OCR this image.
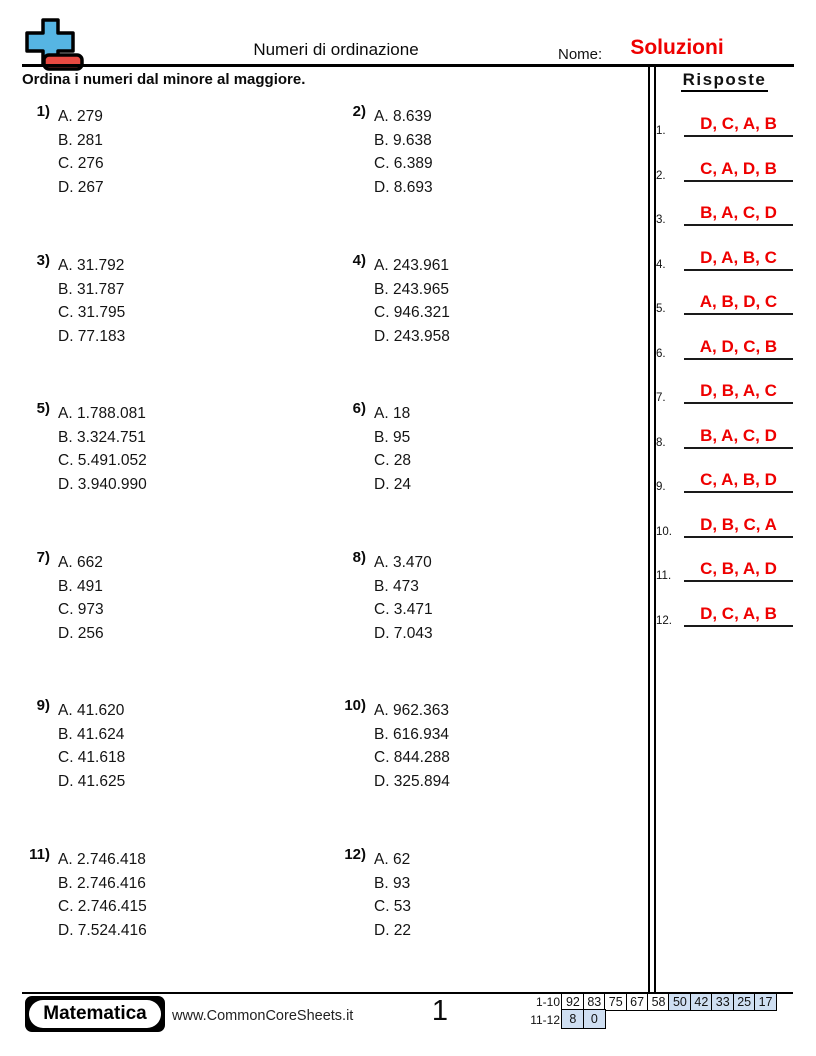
Numeri di ordinazione	Nome:	Soluzioni
Ordina i numeri dal minore al maggiore.
1) A. 279
B. 281
C. 276
D. 267
2) A. 8.639
B. 9.638
C. 6.389
D. 8.693
3) A. 31.792
B. 31.787
C. 31.795
D. 77.183
4) A. 243.961
B. 243.965
C. 946.321
D. 243.958
5) A. 1.788.081
B. 3.324.751
C. 5.491.052
D. 3.940.990
6) A. 18
B. 95
C. 28
D. 24
7) A. 662
B. 491
C. 973
D. 256
8) A. 3.470
B. 473
C. 3.471
D. 7.043
9) A. 41.620
B. 41.624
C. 41.618
D. 41.625
10) A. 962.363
B. 616.934
C. 844.288
D. 325.894
11) A. 2.746.418
B. 2.746.416
C. 2.746.415
D. 7.524.416
12) A. 62
B. 93
C. 53
D. 22
Risposte
1.	D, C, A, B
2.	C, A, D, B
3.	B, A, C, D
4.	D, A, B, C
5.	A, B, D, C
6.	A, D, C, B
7.	D, B, A, C
8.	B, A, C, D
9.	C, A, B, D
10.	D, B, C, A
11.	C, B, A, D
12.	D, C, A, B
Matematica www.CommonCoreSheets.it	1	1-10 92 83 75 67 58 50 42 33 25 17
11-12 8	0
